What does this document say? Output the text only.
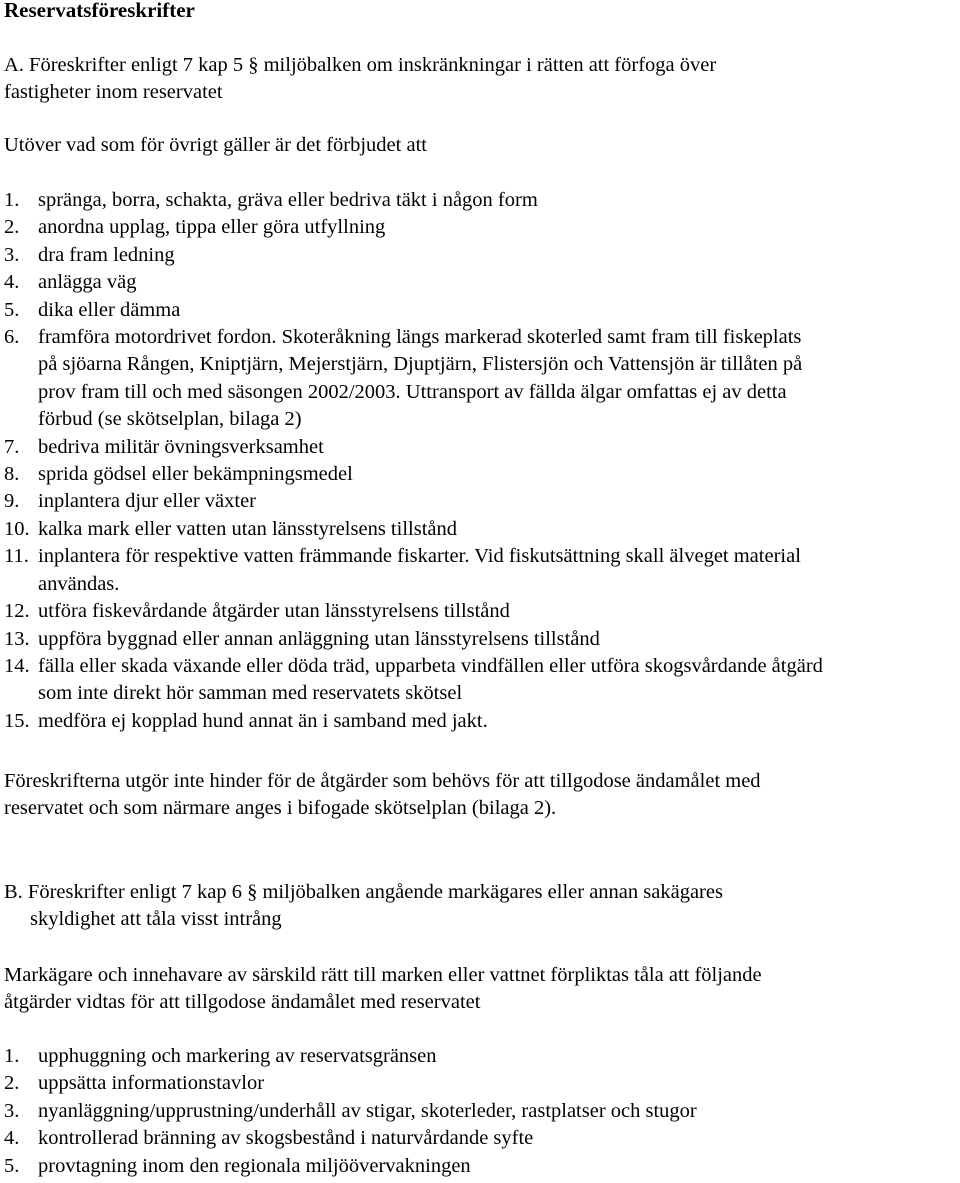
Reservatsföreskrifter
A. Föreskrifter enligt 7 kap 5 § miljöbalken om inskränkningar i rätten att förfoga över
fastigheter inom reservatet

Utöver vad som för övrigt gäller är det förbjudet att

1. spränga, borra, schakta, gräva eller bedriva täkt i någon form
2. anordna upplag, tippa eller göra utfyllning
3. dra fram ledning
4. anlägga väg
5. dika eller dämma
6. framföra motordrivet fordon. Skoteråkning längs markerad skoterled samt fram till fiskeplats
på sjöarna Rången, Kniptjärn, Mejerstjärn, Djuptjärn, Flistersjön och Vattensjön är tillåten på
prov fram till och med säsongen 2002/2003. Uttransport av fällda älgar omfattas ej av detta
förbud (se skötselplan, bilaga 2)
7. bedriva militär övningsverksamhet
8. sprida gödsel eller bekämpningsmedel
9. inplantera djur eller växter
10. kalka mark eller vatten utan länsstyrelsens tillstånd
11. inplantera för respektive vatten främmande fiskarter. Vid fiskutsättning skall älveget material
användas.
12. utföra fiskevårdande åtgärder utan länsstyrelsens tillstånd
13. uppföra byggnad eller annan anläggning utan länsstyrelsens tillstånd
14. fälla eller skada växande eller döda träd, upparbeta vindfällen eller utföra skogsvårdande åtgärd
som inte direkt hör samman med reservatets skötsel
15. medföra ej kopplad hund annat än i samband med jakt.
Föreskrifterna utgör inte hinder för de åtgärder som behövs för att tillgodose ändamålet med
reservatet och som närmare anges i bifogade skötselplan (bilaga 2).
B. Föreskrifter enligt 7 kap 6 § miljöbalken angående markägares eller annan sakägares
skyldighet att tåla visst intrång
Markägare och innehavare av särskild rätt till marken eller vattnet förpliktas tåla att följande
åtgärder vidtas för att tillgodose ändamålet med reservatet
1. upphuggning och markering av reservatsgränsen
2. uppsätta informationstavlor
3. nyanläggning/upprustning/underhåll av stigar, skoterleder, rastplatser och stugor
4. kontrollerad bränning av skogsbestånd i naturvårdande syfte
5. provtagning inom den regionala miljöövervakningen
